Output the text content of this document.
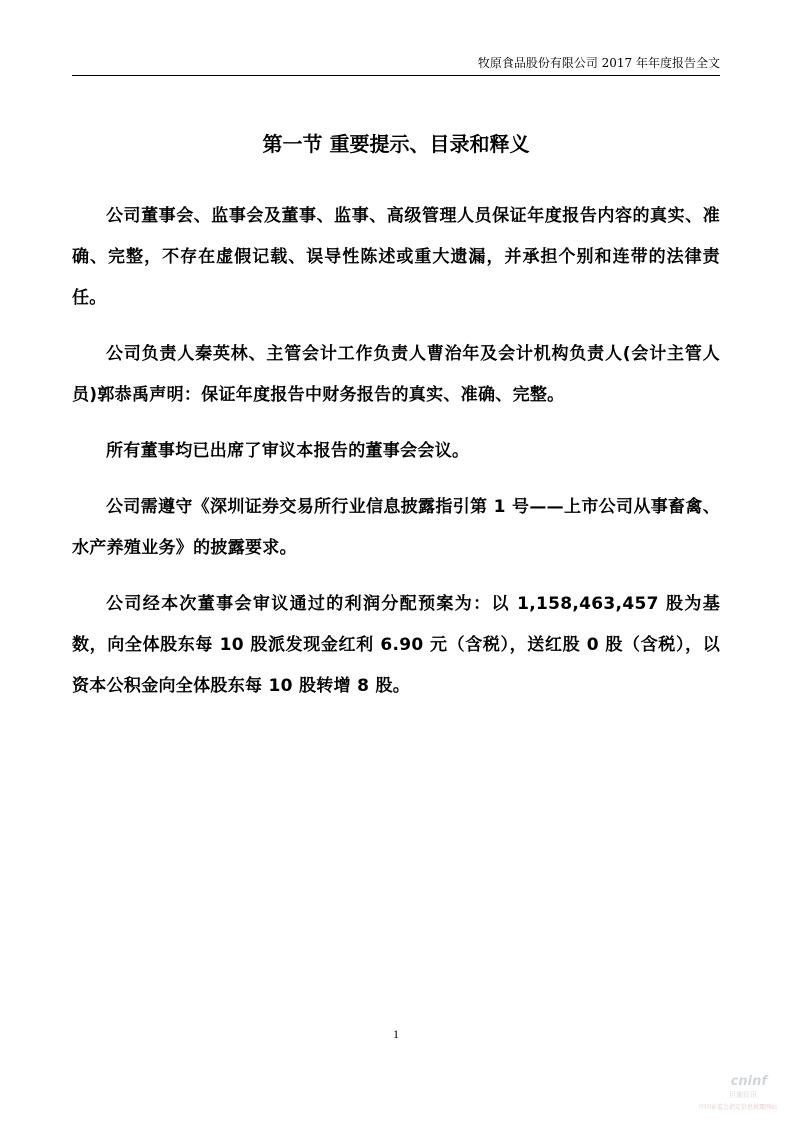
牧原食品股份有限公司 2017 年年度报告全文
第一节 重要提示、目录和释义

公司董事会、监事会及董事、监事、高级管理人员保证年度报告内容的真实、准确、完整，不存在虚假记载、误导性陈述或重大遗漏，并承担个别和连带的法律责任。

公司负责人秦英林、主管会计工作负责人曹治年及会计机构负责人(会计主管人员)郭恭禹声明：保证年度报告中财务报告的真实、准确、完整。

所有董事均已出席了审议本报告的董事会会议。

公司需遵守《深圳证券交易所行业信息披露指引第 1 号——上市公司从事畜禽、水产养殖业务》的披露要求。

公司经本次董事会审议通过的利润分配预案为：以 1,158,463,457 股为基数，向全体股东每 10 股派发现金红利 6.90 元（含税），送红股 0 股（含税），以资本公积金向全体股东每 10 股转增 8 股。

1
cninf
巨潮资讯
中国证监会指定信息披露网站
